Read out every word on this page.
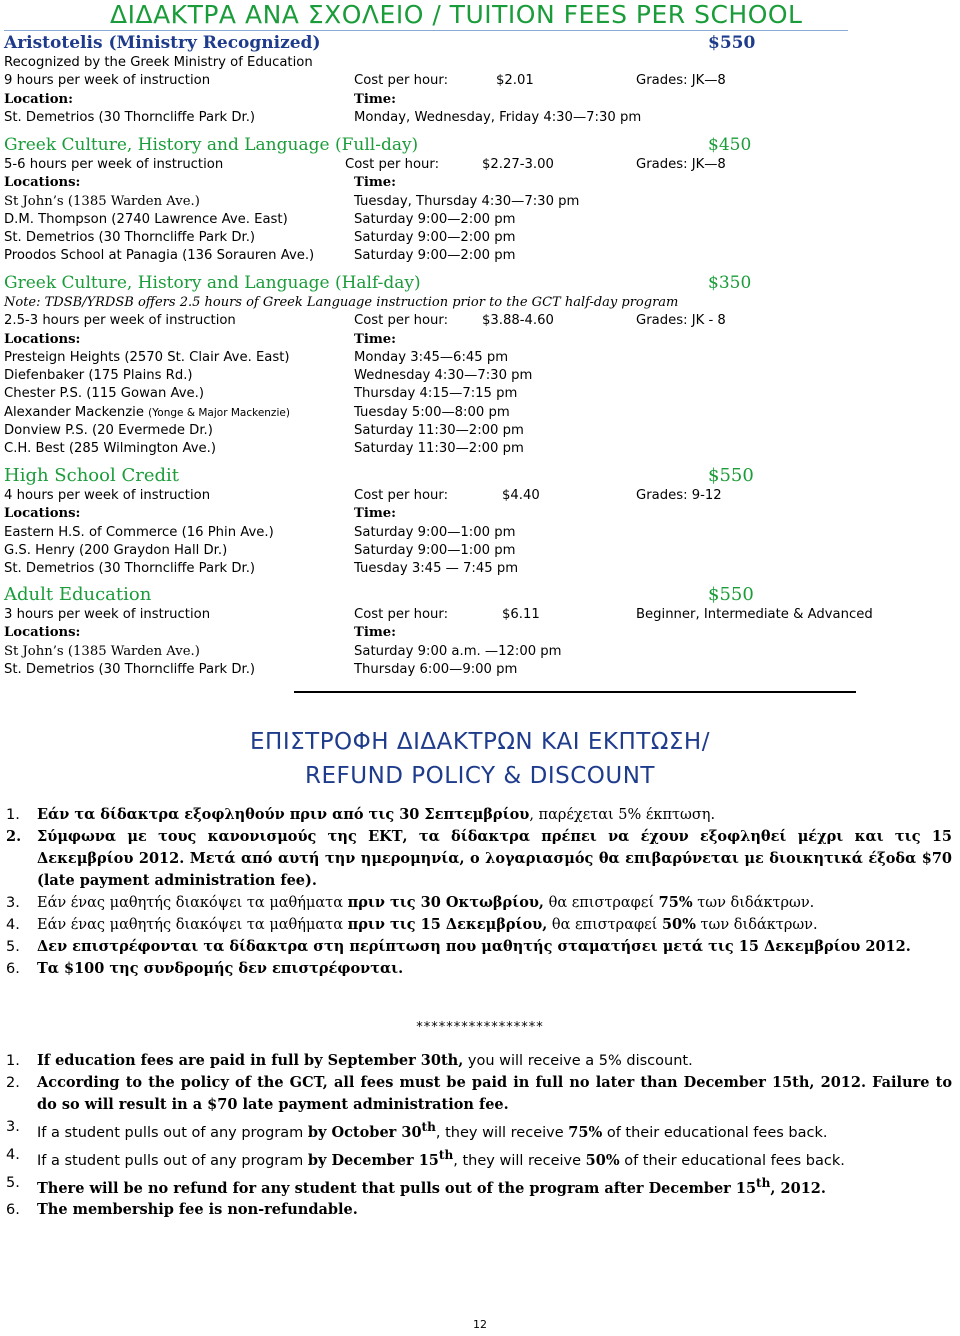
ΔΙΔΑΚΤΡΑ ΑΝΑ ΣΧΟΛΕΙΟ / TUITION FEES PER SCHOOL
Aristotelis (Ministry Recognized)	$550
Recognized by the Greek Ministry of Education
9 hours per week of instruction	Cost per hour:	$2.01	Grades: JK—8
Location:	Time:
St. Demetrios (30 Thorncliffe Park Dr.)	Monday, Wednesday, Friday 4:30—7:30 pm
Greek Culture, History and Language (Full-day)	$450
5-6 hours per week of instruction	Cost per hour:	$2.27-3.00	Grades: JK—8
Locations:	Time:
St John’s (1385 Warden Ave.)	Tuesday, Thursday 4:30—7:30 pm
D.M. Thompson (2740 Lawrence Ave. East)	Saturday 9:00—2:00 pm
St. Demetrios (30 Thorncliffe Park Dr.)	Saturday 9:00—2:00 pm
Proodos School at Panagia (136 Sorauren Ave.)	Saturday 9:00—2:00 pm
Greek Culture, History and Language (Half-day)	$350
Note: TDSB/YRDSB offers 2.5 hours of Greek Language instruction prior to the GCT half-day program
2.5-3 hours per week of instruction	Cost per hour:	$3.88-4.60	Grades: JK - 8
Locations:	Time:
Presteign Heights (2570 St. Clair Ave. East)	Monday 3:45—6:45 pm
Diefenbaker (175 Plains Rd.)	Wednesday 4:30—7:30 pm
Chester P.S. (115 Gowan Ave.)	Thursday 4:15—7:15 pm
Alexander Mackenzie (Yonge & Major Mackenzie)	Tuesday 5:00—8:00 pm
Donview P.S. (20 Evermede Dr.)	Saturday 11:30—2:00 pm
C.H. Best (285 Wilmington Ave.)	Saturday 11:30—2:00 pm
High School Credit	$550
4 hours per week of instruction	Cost per hour:	$4.40	Grades: 9-12
Locations:	Time:
Eastern H.S. of Commerce (16 Phin Ave.)	Saturday 9:00—1:00 pm
G.S. Henry (200 Graydon Hall Dr.)	Saturday 9:00—1:00 pm
St. Demetrios (30 Thorncliffe Park Dr.)	Tuesday 3:45 — 7:45 pm
Adult Education	$550
3 hours per week of instruction	Cost per hour:	$6.11	Beginner, Intermediate & Advanced
Locations:	Time:
St John’s (1385 Warden Ave.)	Saturday 9:00 a.m. —12:00 pm
St. Demetrios (30 Thorncliffe Park Dr.)	Thursday 6:00—9:00 pm
ΕΠΙΣΤΡΟΦΗ ΔΙΔΑΚΤΡΩΝ ΚΑΙ ΕΚΠΤΩΣΗ/
REFUND POLICY & DISCOUNT
1. Εάν τα δίδακτρα εξοφληθούν πριν από τις 30 Σεπτεμβρίου, παρέχεται 5% έκπτωση.
2. Σύμφωνα με τους κανονισμούς της ΕΚΤ, τα δίδακτρα πρέπει να έχουν εξοφληθεί μέχρι και τις 15 Δεκεμβρίου 2012. Μετά από αυτή την ημερομηνία, ο λογαριασμός θα επιβαρύνεται με διοικητικά έξοδα $70 (late payment administration fee).
3. Εάν ένας μαθητής διακόψει τα μαθήματα πριν τις 30 Οκτωβρίου, θα επιστραφεί 75% των διδάκτρων.
4. Εάν ένας μαθητής διακόψει τα μαθήματα πριν τις 15 Δεκεμβρίου, θα επιστραφεί 50% των διδάκτρων.
5. Δεν επιστρέφονται τα δίδακτρα στη περίπτωση που μαθητής σταματήσει μετά τις 15 Δεκεμβρίου 2012.
6. Τα $100 της συνδρομής δεν επιστρέφονται.
*****************
1. If education fees are paid in full by September 30th, you will receive a 5% discount.
2. According to the policy of the GCT, all fees must be paid in full no later than December 15th, 2012. Failure to do so will result in a $70 late payment administration fee.
3. If a student pulls out of any program by October 30th, they will receive 75% of their educational fees back.
4. If a student pulls out of any program by December 15th, they will receive 50% of their educational fees back.
5. There will be no refund for any student that pulls out of the program after December 15th, 2012.
6. The membership fee is non-refundable.
12
